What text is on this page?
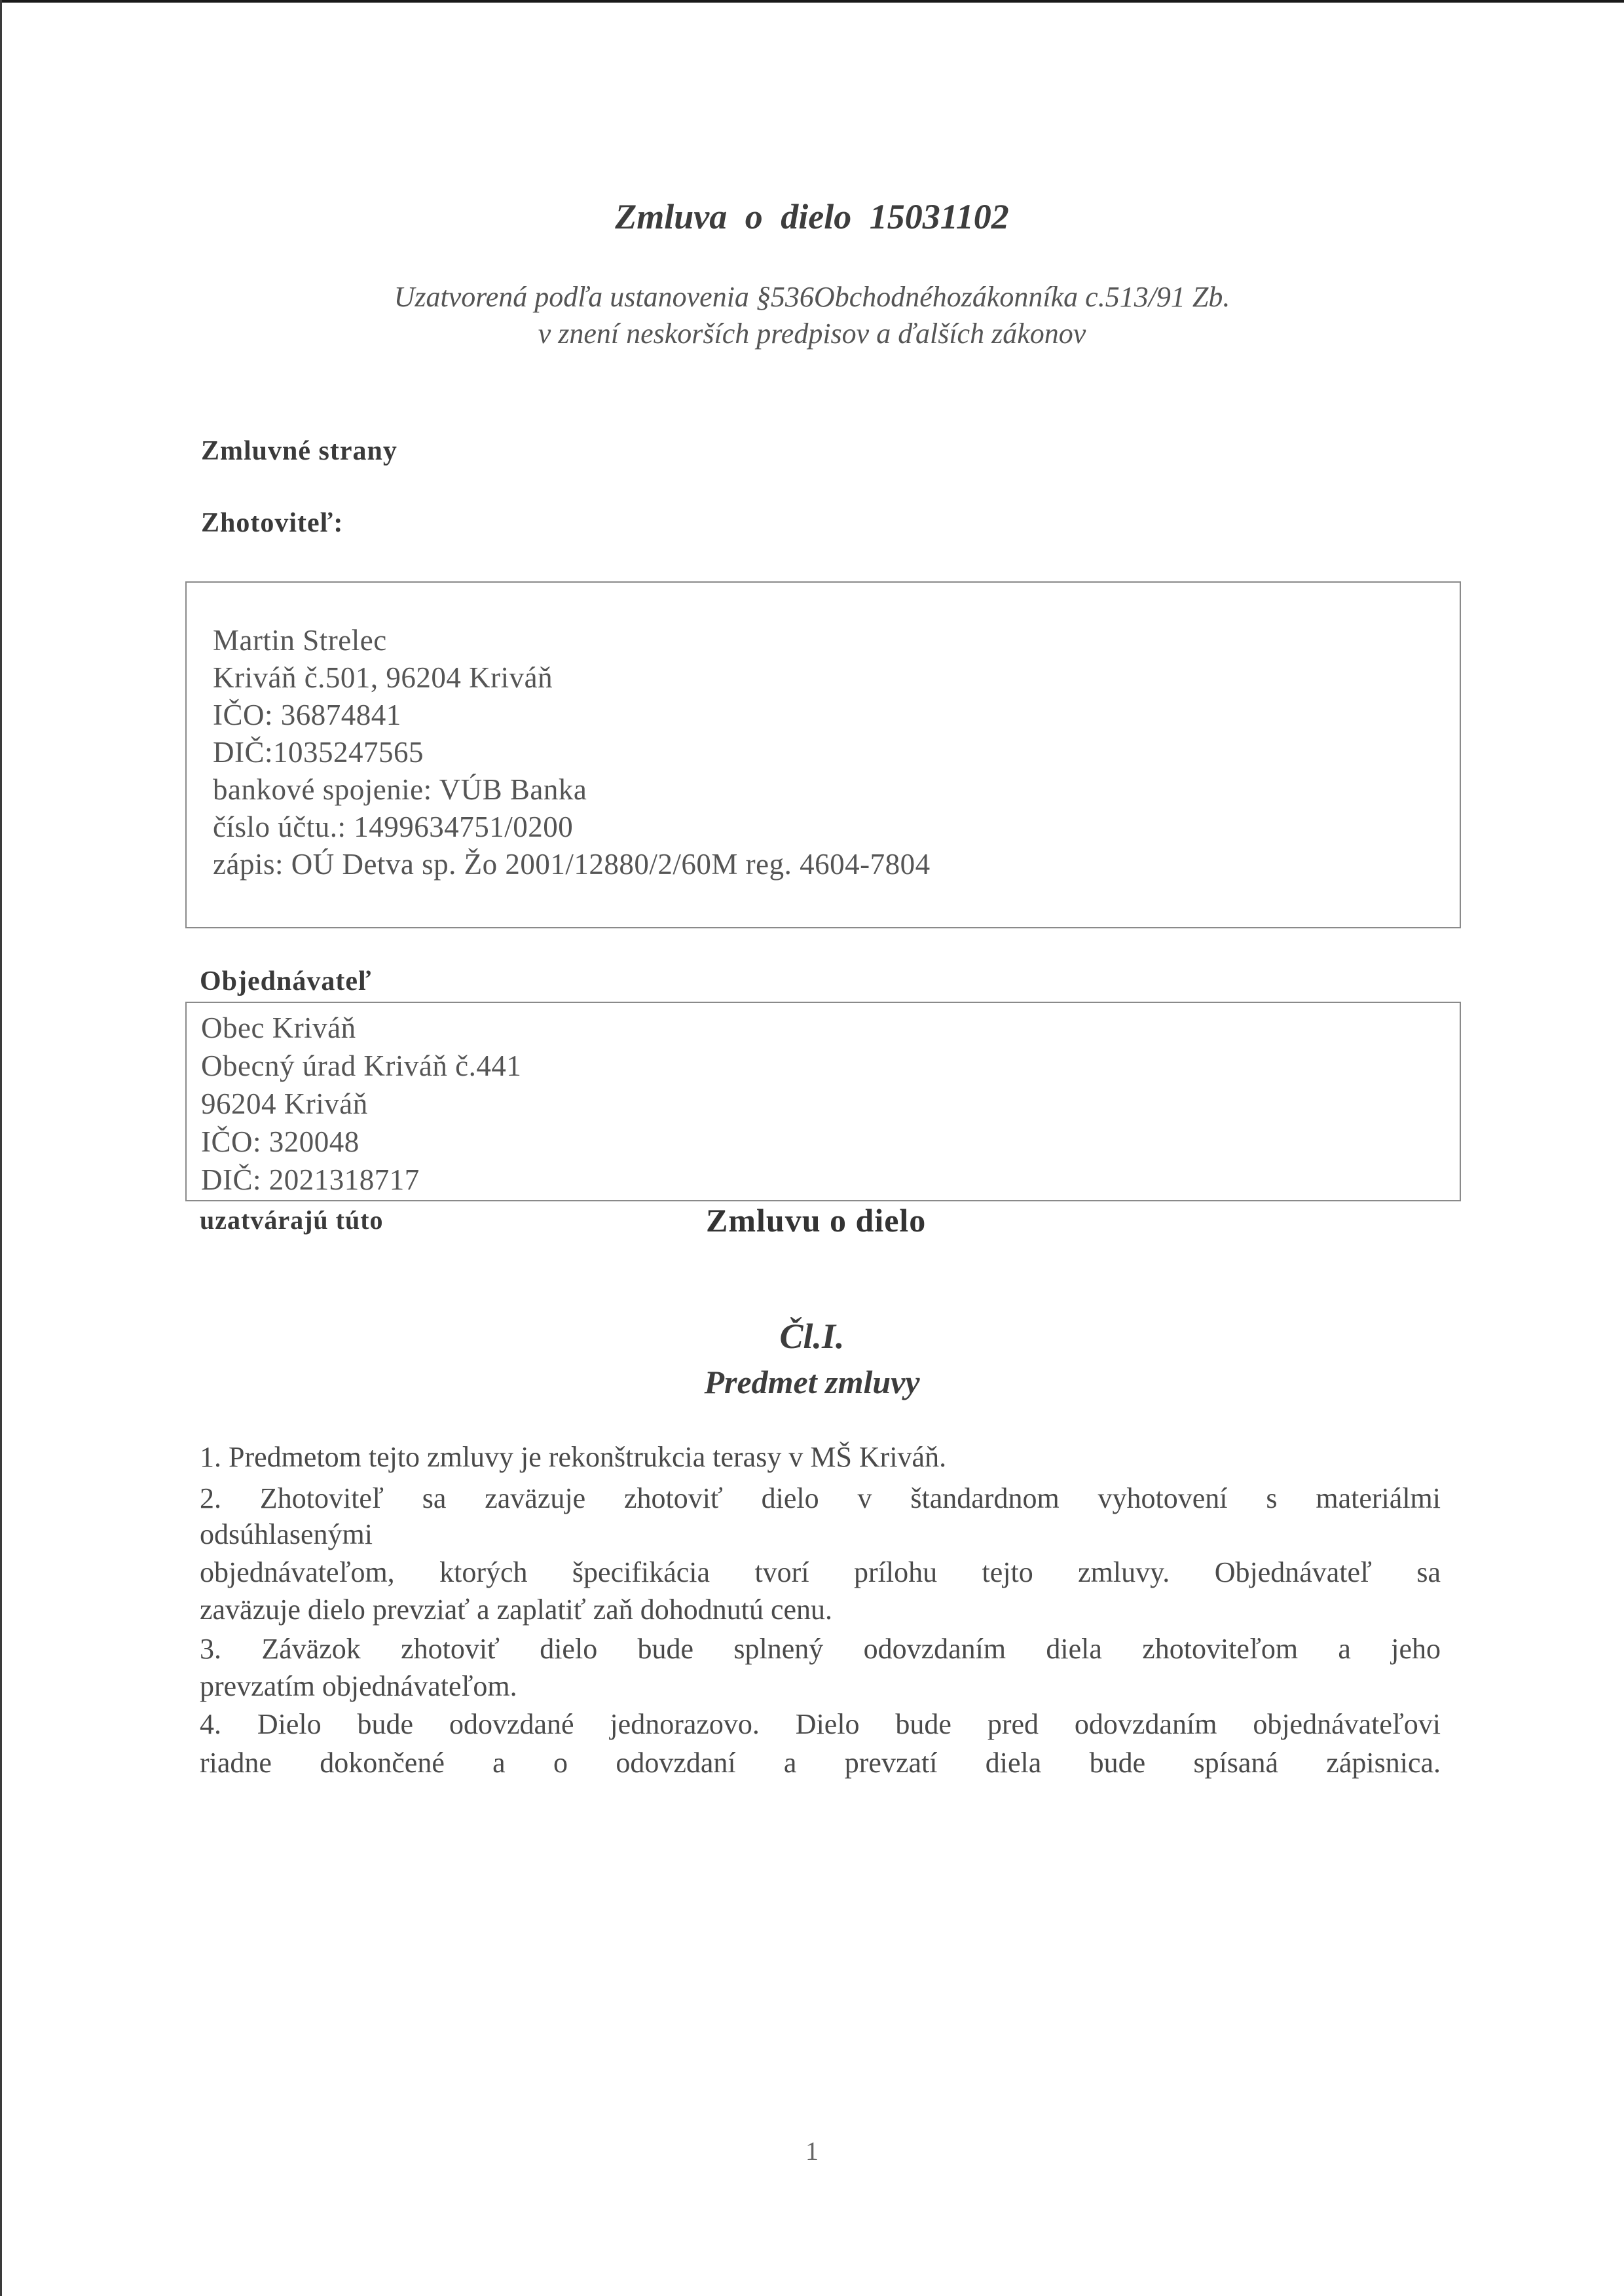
Zmluva o dielo 15031102
Uzatvorená podľa ustanovenia §536Obchodnéhozákonníka c.513/91 Zb.
v znení neskorších predpisov a ďalších zákonov
Zmluvné strany
Zhotoviteľ:
Martin Strelec
Kriváň č.501, 96204 Kriváň
IČO: 36874841
DIČ:1035247565
bankové spojenie: VÚB Banka
číslo účtu.: 1499634751/0200
zápis: OÚ Detva sp. Žo 2001/12880/2/60M reg. 4604-7804
Objednávateľ
Obec Kriváň
Obecný úrad Kriváň č.441
96204 Kriváň
IČO: 320048
DIČ: 2021318717
uzatvárajú túto	Zmluvu o dielo
Čl.I.
Predmet zmluvy
1. Predmetom tejto zmluvy je rekonštrukcia terasy v MŠ Kriváň.
2. Zhotoviteľ sa zaväzuje zhotoviť dielo v štandardnom vyhotovení s materiálmi
odsúhlasenými
objednávateľom, ktorých špecifikácia tvorí prílohu tejto zmluvy. Objednávateľ sa
zaväzuje dielo prevziať a zaplatiť zaň dohodnutú cenu.
3. Záväzok zhotoviť dielo bude splnený odovzdaním diela zhotoviteľom a jeho
prevzatím objednávateľom.
4. Dielo bude odovzdané jednorazovo. Dielo bude pred odovzdaním objednávateľovi
riadne dokončené a o odovzdaní a prevzatí diela bude spísaná zápisnica.
1
